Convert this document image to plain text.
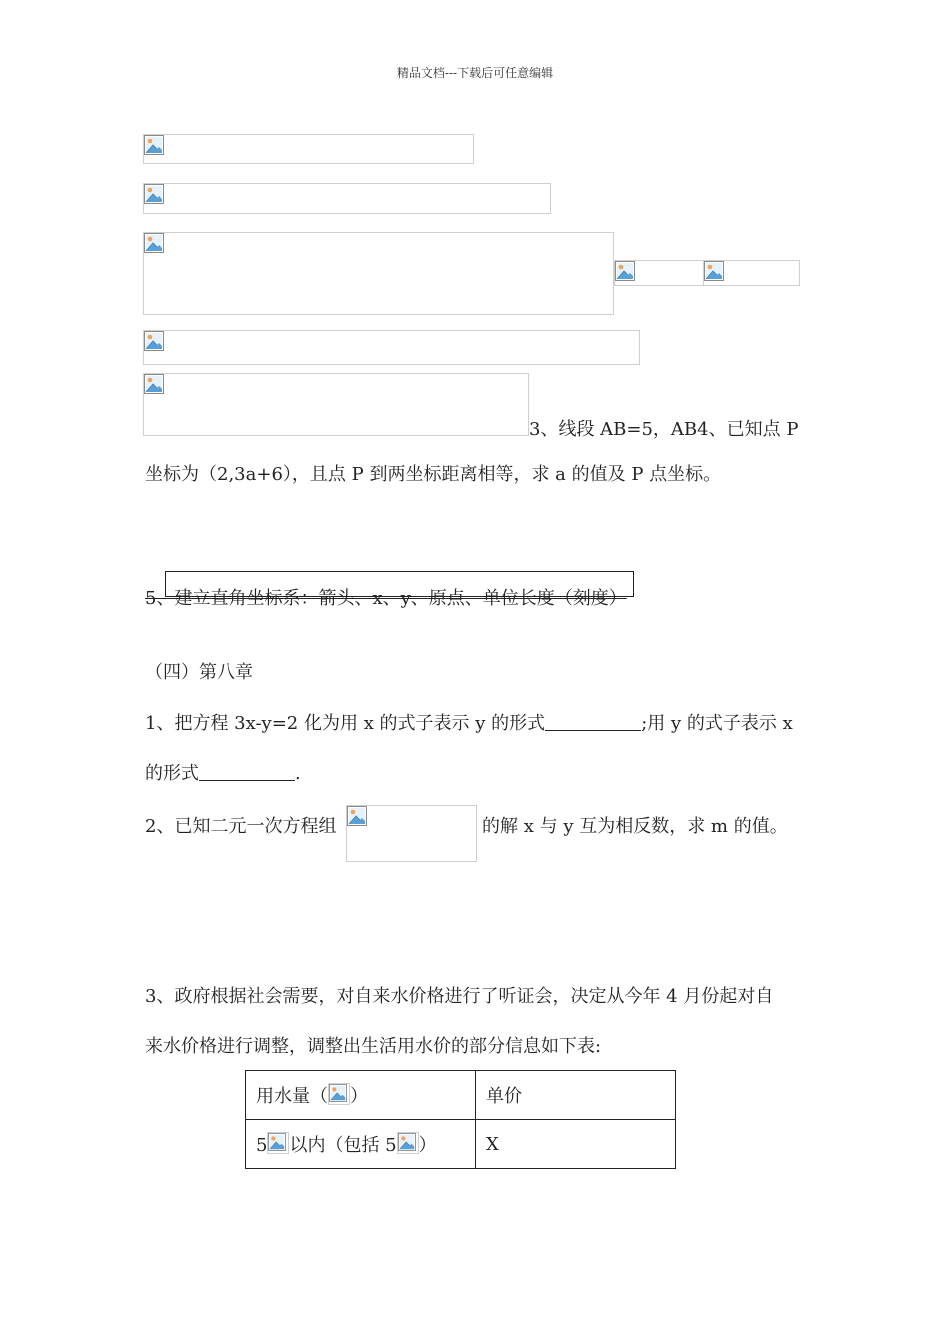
精品文档---下载后可任意编辑
3、线段 AB=5，AB4、已知点 P
坐标为（2,3a+6），且点 P 到两坐标距离相等，求 a 的值及 P 点坐标。
5、建立直角坐标系：箭头、x、y、原点、单位长度（刻度）
（四）第八章
1、把方程 3x-y=2 化为用 x 的式子表示 y 的形式	;用 y 的式子表示 x
的形式	.
2、已知二元一次方程组	的解 x 与 y 互为相反数，求 m 的值。
3、政府根据社会需要，对自来水价格进行了听证会，决定从今年 4 月份起对自
来水价格进行调整，调整出生活用水价的部分信息如下表:
用水量（ ）	单价
5 以内（包括 5 ）	X
